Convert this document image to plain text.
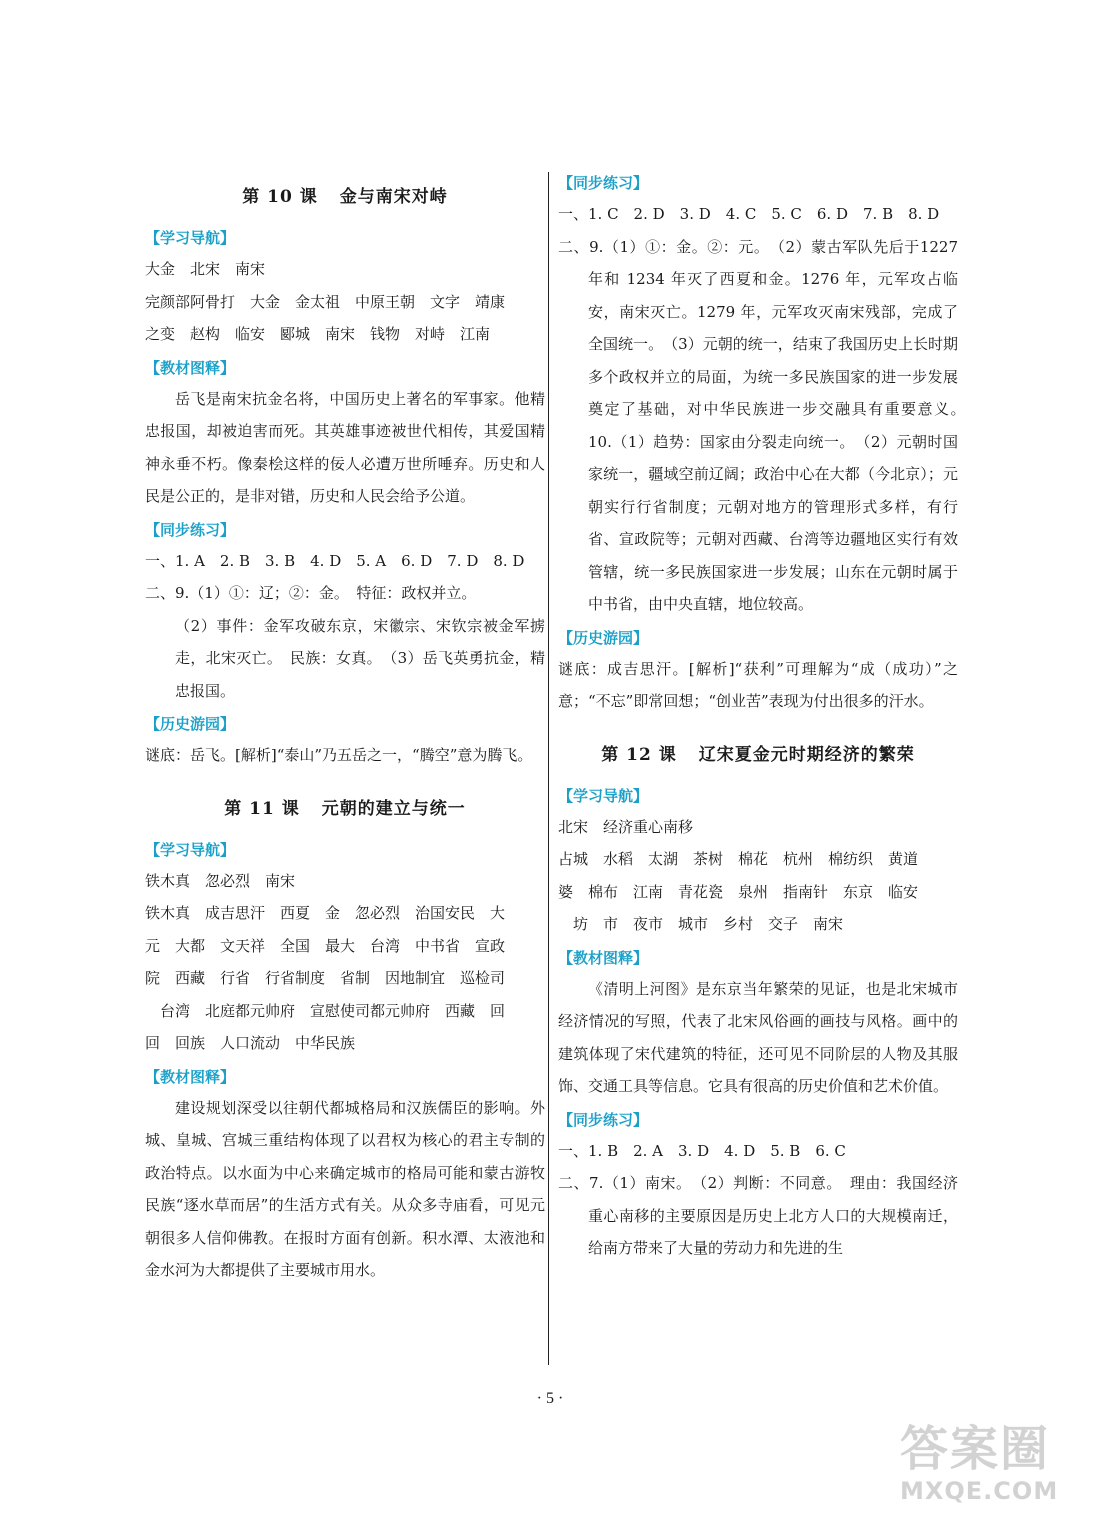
第 10 课 金与南宋对峙
【学习导航】

大金　北宋　南宋

完颜部阿骨打　大金　金太祖　中原王朝　文字　靖康

之变　赵构　临安　郾城　南宋　钱物　对峙　江南

【教材图释】

岳飞是南宋抗金名将，中国历史上著名的军事家。他精忠报国，却被迫害而死。其英雄事迹被世代相传，其爱国精神永垂不朽。像秦桧这样的佞人必遭万世所唾弃。历史和人民是公正的，是非对错，历史和人民会给予公道。

【同步练习】

一、1. A　2. B　3. B　4. D　5. A　6. D　7. D　8. D

二、9.（1）①：辽；②：金。　特征：政权并立。

（2）事件：金军攻破东京，宋徽宗、宋钦宗被金军掳走，北宋灭亡。　民族：女真。　（3）岳飞英勇抗金，精忠报国。

【历史游园】

谜底：岳飞。[解析]“泰山”乃五岳之一，“腾空”意为腾飞。

第 11 课 元朝的建立与统一
【学习导航】

铁木真　忽必烈　南宋

铁木真　成吉思汗　西夏　金　忽必烈　治国安民　大

元　大都　文天祥　全国　最大　台湾　中书省　宣政

院　西藏　行省　行省制度　省制　因地制宜　巡检司

　台湾　北庭都元帅府　宣慰使司都元帅府　西藏　回

回　回族　人口流动　中华民族

【教材图释】

建设规划深受以往朝代都城格局和汉族儒臣的影响。外城、皇城、宫城三重结构体现了以君权为核心的君主专制的政治特点。以水面为中心来确定城市的格局可能和蒙古游牧民族“逐水草而居”的生活方式有关。从众多寺庙看，可见元朝很多人信仰佛教。在报时方面有创新。积水潭、太液池和金水河为大都提供了主要城市用水。

【同步练习】

一、1. C　2. D　3. D　4. C　5. C　6. D　7. B　8. D

二、9.（1）①：金。②：元。　（2）蒙古军队先后于1227 年和 1234 年灭了西夏和金。1276 年，元军攻占临安，南宋灭亡。1279 年，元军攻灭南宋残部，完成了全国统一。　（3）元朝的统一，结束了我国历史上长时期多个政权并立的局面，为统一多民族国家的进一步发展奠定了基础，对中华民族进一步交融具有重要意义。　10.（1）趋势：国家由分裂走向统一。　（2）元朝时国家统一，疆域空前辽阔；政治中心在大都（今北京）；元朝实行行省制度；元朝对地方的管理形式多样，有行省、宣政院等；元朝对西藏、台湾等边疆地区实行有效管辖，统一多民族国家进一步发展；山东在元朝时属于中书省，由中央直辖，地位较高。

【历史游园】

谜底：成吉思汗。[解析]“获利”可理解为“成（成功）”之意；“不忘”即常回想；“创业苦”表现为付出很多的汗水。

第 12 课 辽宋夏金元时期经济的繁荣
【学习导航】

北宋　经济重心南移

占城　水稻　太湖　茶树　棉花　杭州　棉纺织　黄道

婆　棉布　江南　青花瓷　泉州　指南针　东京　临安

　坊　市　夜市　城市　乡村　交子　南宋

【教材图释】

《清明上河图》是东京当年繁荣的见证，也是北宋城市经济情况的写照，代表了北宋风俗画的画技与风格。画中的建筑体现了宋代建筑的特征，还可见不同阶层的人物及其服饰、交通工具等信息。它具有很高的历史价值和艺术价值。

【同步练习】

一、1. B　2. A　3. D　4. D　5. B　6. C

二、7.（1）南宋。　（2）判断：不同意。　理由：我国经济重心南移的主要原因是历史上北方人口的大规模南迁，给南方带来了大量的劳动力和先进的生

· 5 ·
答案圈
MXQE.COM
